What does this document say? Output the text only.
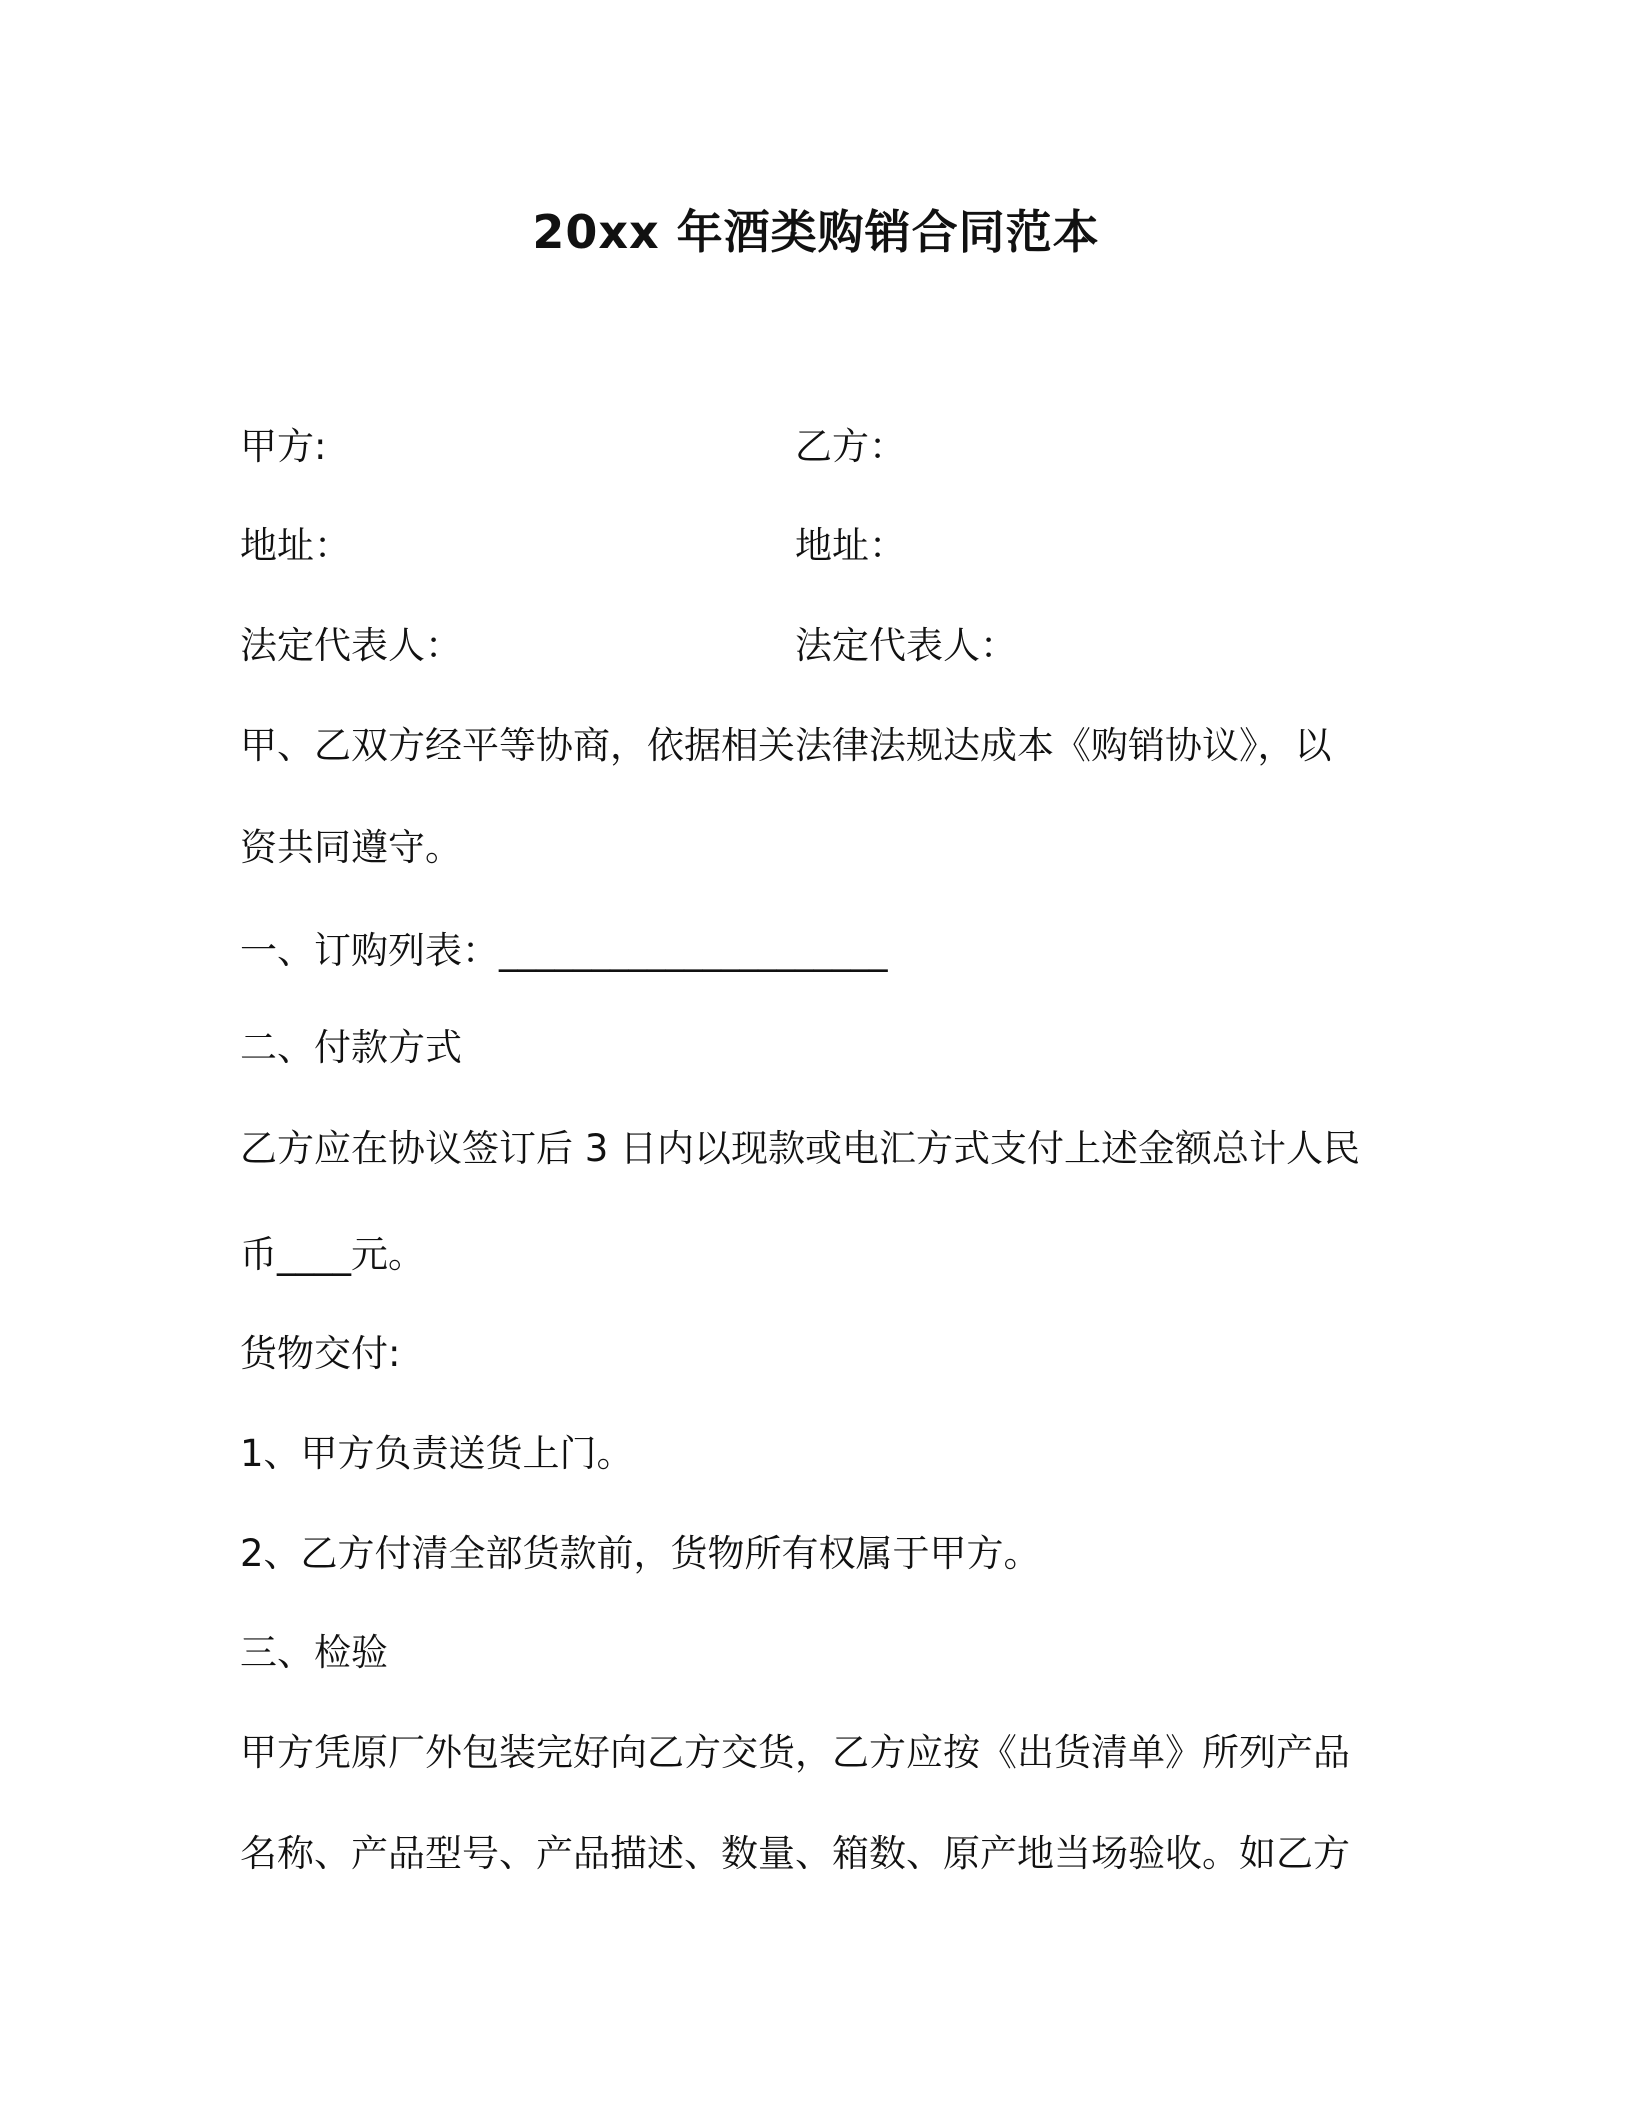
20xx 年酒类购销合同范本

甲方:	乙方：

地址：	地址：

法定代表人：	法定代表人：

甲、乙双方经平等协商，依据相关法律法规达成本《购销协议》，以

资共同遵守。

一、订购列表：_____________________

二、付款方式

乙方应在协议签订后 3 日内以现款或电汇方式支付上述金额总计人民

币____元。

货物交付:

1、甲方负责送货上门。

2、乙方付清全部货款前，货物所有权属于甲方。

三、检验

甲方凭原厂外包装完好向乙方交货，乙方应按《出货清单》所列产品

名称、产品型号、产品描述、数量、箱数、原产地当场验收。如乙方
